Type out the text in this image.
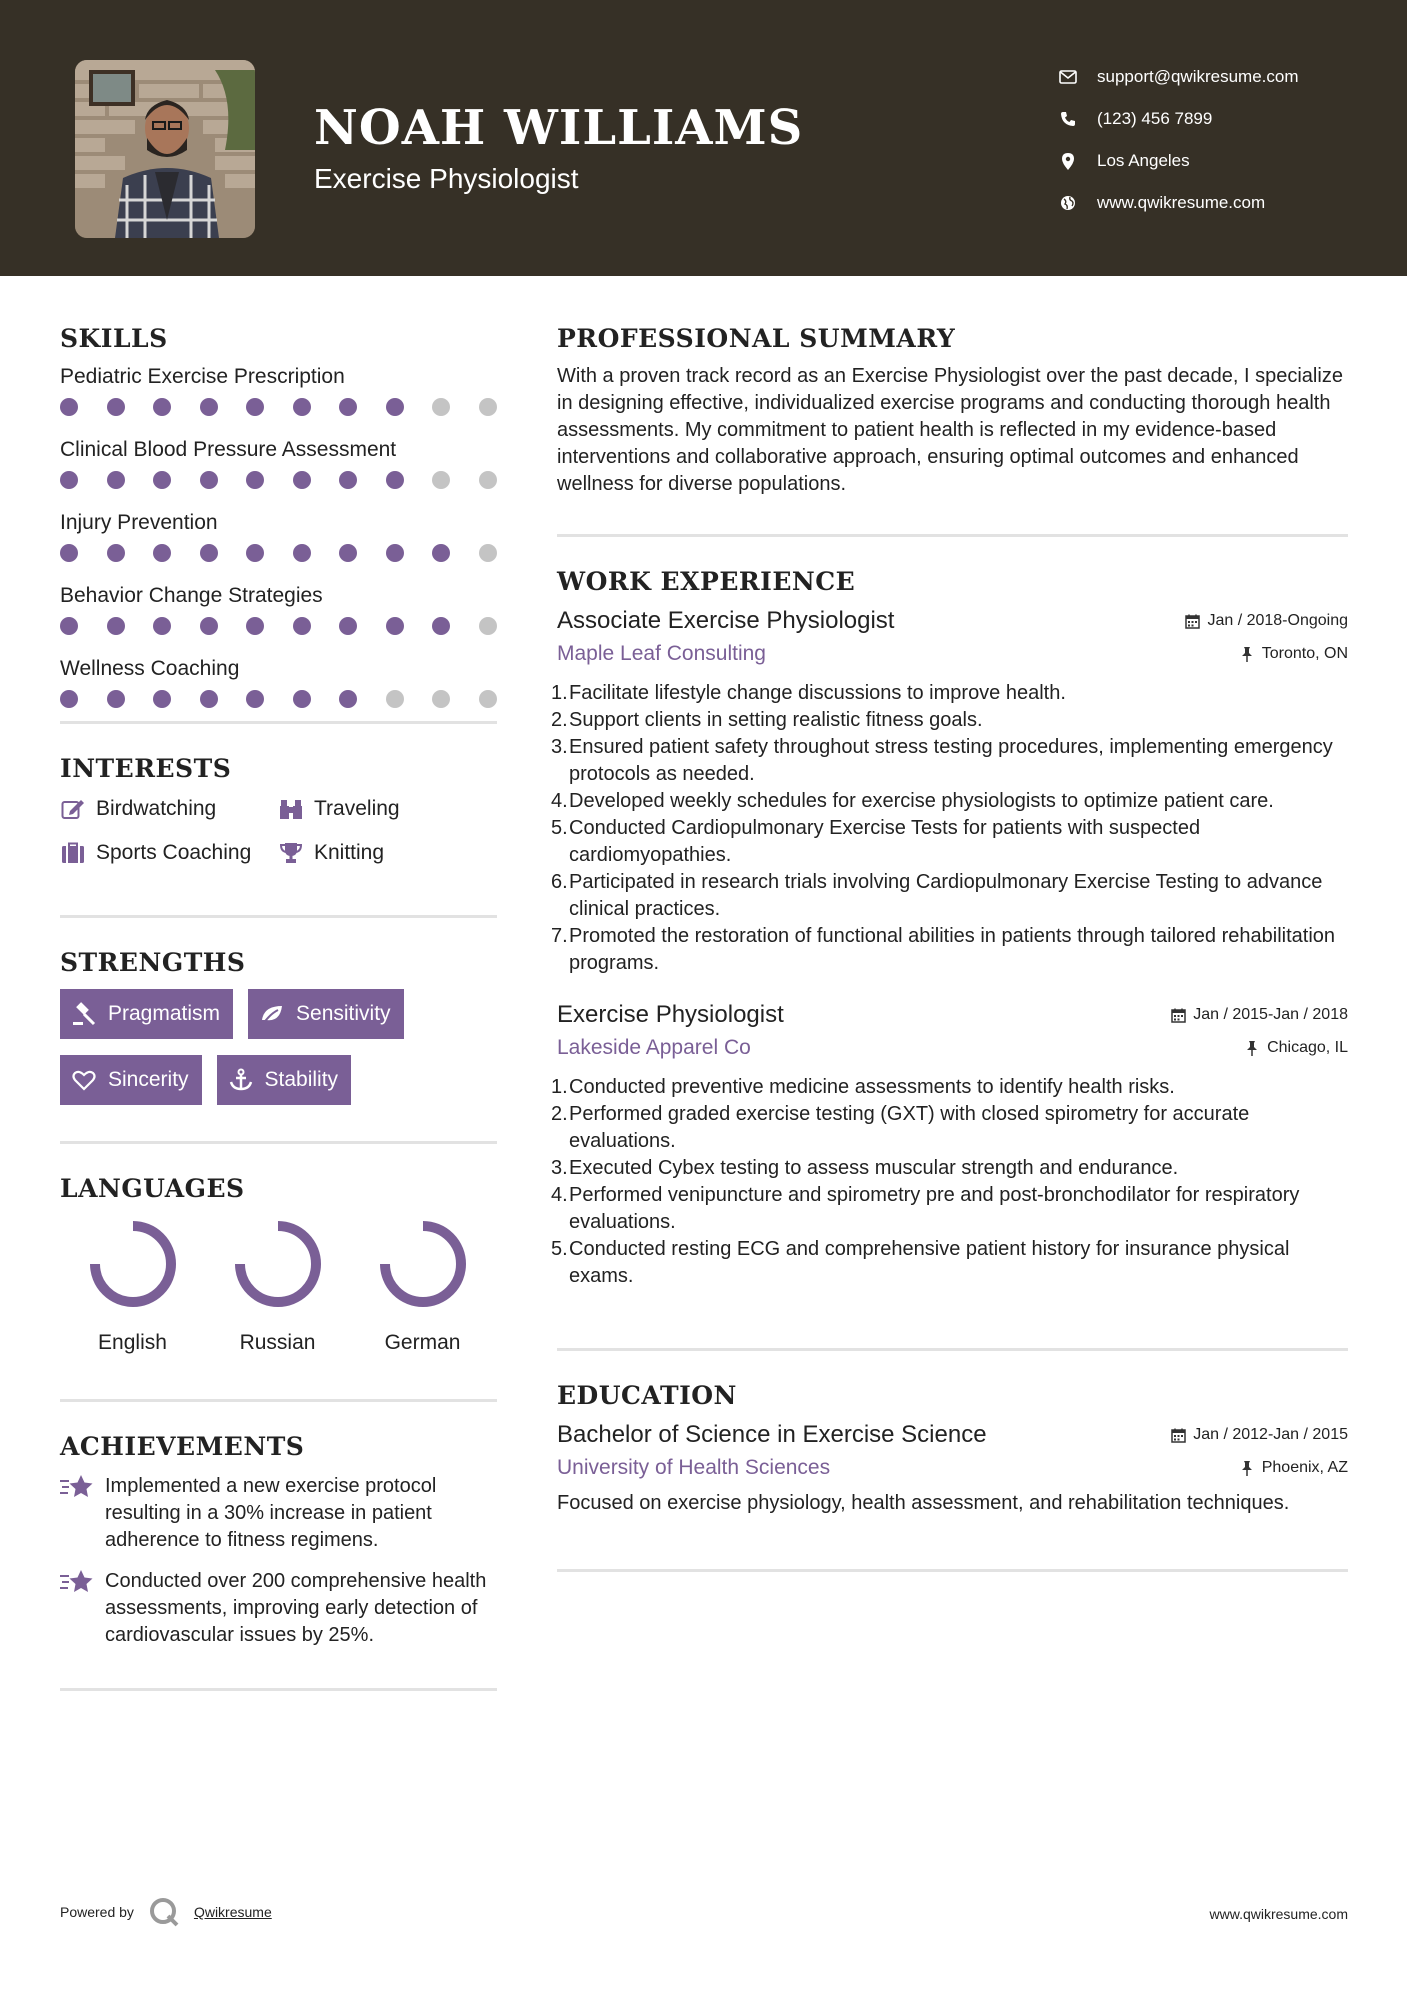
NOAH WILLIAMS
Exercise Physiologist
support@qwikresume.com
(123) 456 7899
Los Angeles
www.qwikresume.com
SKILLS
Pediatric Exercise Prescription
Clinical Blood Pressure Assessment
Injury Prevention
Behavior Change Strategies
Wellness Coaching
INTERESTS
Birdwatching	Traveling
Sports Coaching	Knitting
STRENGTHS
Pragmatism	Sensitivity
Sincerity	Stability
LANGUAGES
English	Russian	German
ACHIEVEMENTS
Implemented a new exercise protocol resulting in a 30% increase in patient adherence to fitness regimens.
Conducted over 200 comprehensive health assessments, improving early detection of cardiovascular issues by 25%.
PROFESSIONAL SUMMARY
With a proven track record as an Exercise Physiologist over the past decade, I specialize in designing effective, individualized exercise programs and conducting thorough health assessments. My commitment to patient health is reflected in my evidence-based interventions and collaborative approach, ensuring optimal outcomes and enhanced wellness for diverse populations.
WORK EXPERIENCE
Associate Exercise Physiologist	Jan / 2018-Ongoing
Maple Leaf Consulting	Toronto, ON
1. Facilitate lifestyle change discussions to improve health.
2. Support clients in setting realistic fitness goals.
3. Ensured patient safety throughout stress testing procedures, implementing emergency protocols as needed.
4. Developed weekly schedules for exercise physiologists to optimize patient care.
5. Conducted Cardiopulmonary Exercise Tests for patients with suspected cardiomyopathies.
6. Participated in research trials involving Cardiopulmonary Exercise Testing to advance clinical practices.
7. Promoted the restoration of functional abilities in patients through tailored rehabilitation programs.
Exercise Physiologist	Jan / 2015-Jan / 2018
Lakeside Apparel Co	Chicago, IL
1. Conducted preventive medicine assessments to identify health risks.
2. Performed graded exercise testing (GXT) with closed spirometry for accurate evaluations.
3. Executed Cybex testing to assess muscular strength and endurance.
4. Performed venipuncture and spirometry pre and post-bronchodilator for respiratory evaluations.
5. Conducted resting ECG and comprehensive patient history for insurance physical exams.
EDUCATION
Bachelor of Science in Exercise Science	Jan / 2012-Jan / 2015
University of Health Sciences	Phoenix, AZ
Focused on exercise physiology, health assessment, and rehabilitation techniques.
Powered by	Qwikresume	www.qwikresume.com
